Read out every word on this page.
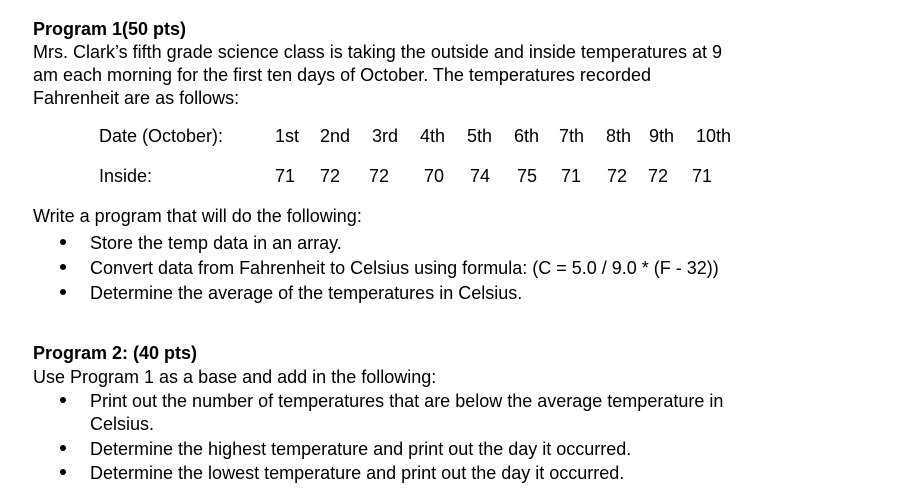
Program 1(50 pts)
Mrs. Clark’s fifth grade science class is taking the outside and inside temperatures at 9
am each morning for the first ten days of October. The temperatures recorded
Fahrenheit are as follows:
Date (October):	1st 2nd 3rd 4th 5th 6th 7th 8th 9th 10th
Inside:	71 72 72 70 74 75 71 72 72 71
Write a program that will do the following:
Store the temp data in an array.
Convert data from Fahrenheit to Celsius using formula: (C = 5.0 / 9.0 * (F - 32))
Determine the average of the temperatures in Celsius.
Program 2: (40 pts)
Use Program 1 as a base and add in the following:
Print out the number of temperatures that are below the average temperature in
Celsius.
Determine the highest temperature and print out the day it occurred.
Determine the lowest temperature and print out the day it occurred.
